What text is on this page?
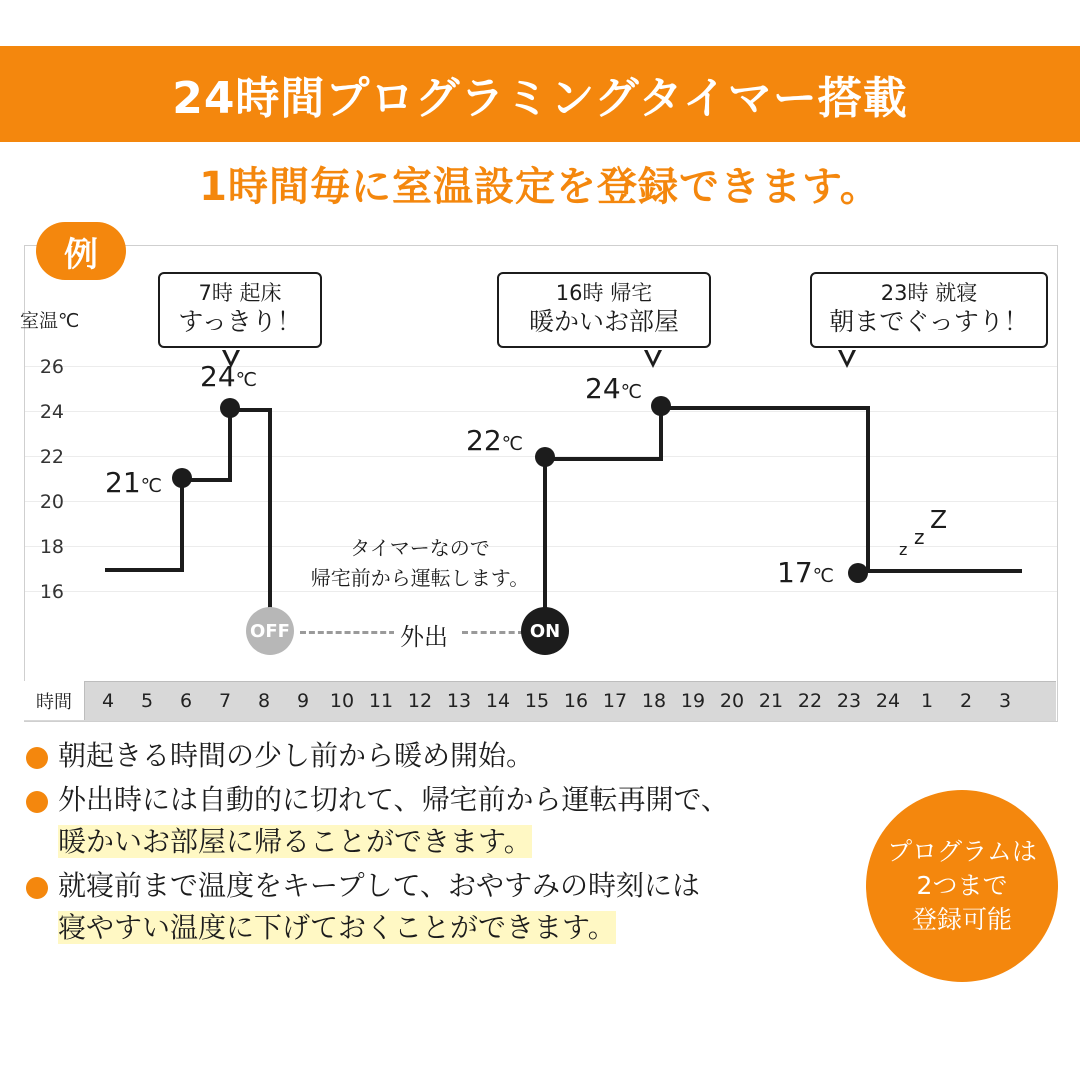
24時間プログラミングタイマー搭載
1時間毎に室温設定を登録できます。
室温℃
26
24
22
20
18
16
21℃
24℃
22℃
24℃
17℃
z
z
Z
外出
OFF	ON
タイマーなので
帰宅前から運転します。
7時 起床
すっきり！
16時 帰宅
暖かいお部屋
23時 就寝
朝までぐっすり！
例
時間	4	5	6	7	8	9	10 11 12 13 14 15 16 17 18 19 20 21 22 23 24	1	2	3
朝起きる時間の少し前から暖め開始。
外出時には自動的に切れて、帰宅前から運転再開で、
暖かいお部屋に帰ることができます。
就寝前まで温度をキープして、おやすみの時刻には
寝やすい温度に下げておくことができます。
プログラムは
2つまで
登録可能
